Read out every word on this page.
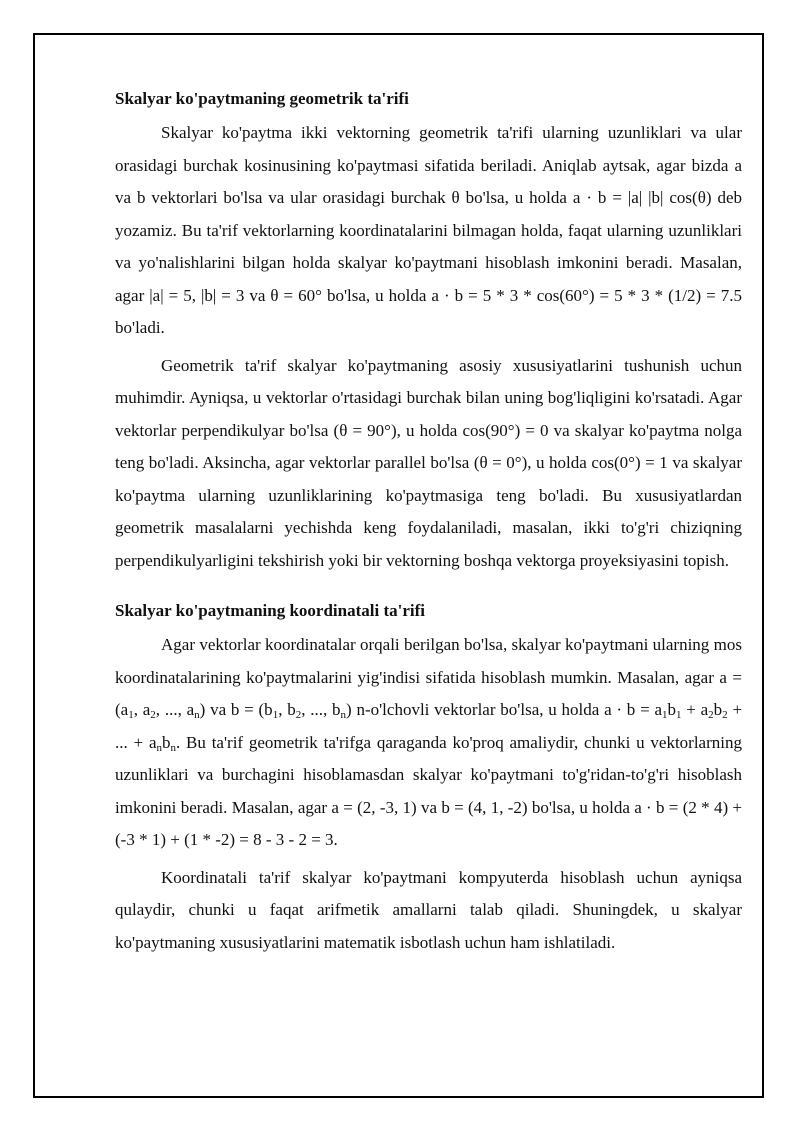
Skalyar ko'paytmaning geometrik ta'rifi

Skalyar ko'paytma ikki vektorning geometrik ta'rifi ularning uzunliklari va ular orasidagi burchak kosinusining ko'paytmasi sifatida beriladi. Aniqlab aytsak, agar bizda a va b vektorlari bo'lsa va ular orasidagi burchak θ bo'lsa, u holda a · b = |a| |b| cos(θ) deb yozamiz. Bu ta'rif vektorlarning koordinatalarini bilmagan holda, faqat ularning uzunliklari va yo'nalishlarini bilgan holda skalyar ko'paytmani hisoblash imkonini beradi. Masalan, agar |a| = 5, |b| = 3 va θ = 60° bo'lsa, u holda a · b = 5 * 3 * cos(60°) = 5 * 3 * (1/2) = 7.5 bo'ladi.

Geometrik ta'rif skalyar ko'paytmaning asosiy xususiyatlarini tushunish uchun muhimdir. Ayniqsa, u vektorlar o'rtasidagi burchak bilan uning bog'liqligini ko'rsatadi. Agar vektorlar perpendikulyar bo'lsa (θ = 90°), u holda cos(90°) = 0 va skalyar ko'paytma nolga teng bo'ladi. Aksincha, agar vektorlar parallel bo'lsa (θ = 0°), u holda cos(0°) = 1 va skalyar ko'paytma ularning uzunliklarining ko'paytmasiga teng bo'ladi. Bu xususiyatlardan geometrik masalalarni yechishda keng foydalaniladi, masalan, ikki to'g'ri chiziqning perpendikulyarligini tekshirish yoki bir vektorning boshqa vektorga proyeksiyasini topish.

Skalyar ko'paytmaning koordinatali ta'rifi

Agar vektorlar koordinatalar orqali berilgan bo'lsa, skalyar ko'paytmani ularning mos koordinatalarining ko'paytmalarini yig'indisi sifatida hisoblash mumkin. Masalan, agar $a = (a_1$, $a_2$, ..., $a_n$) va $b = (b_1$, $b_2$, ..., $b_n$) n-o'lchovli vektorlar bo'lsa, u holda $a \cdot b = a_1b_1 + a_2b_2$ + ... + $a_nb_n$. Bu ta'rif geometrik ta'rifga qaraganda ko'proq amaliydir, chunki u vektorlarning uzunliklari va burchagini hisoblamasdan skalyar ko'paytmani to'g'ridan-to'g'ri hisoblash imkonini beradi. Masalan, agar a = (2, -3, 1) va b = (4, 1, -2) bo'lsa, u holda a · b = (2 * 4) + (-3 * 1) + (1 * -2) = 8 - 3 - 2 = 3.

Koordinatali ta'rif skalyar ko'paytmani kompyuterda hisoblash uchun ayniqsa qulaydir, chunki u faqat arifmetik amallarni talab qiladi. Shuningdek, u skalyar ko'paytmaning xususiyatlarini matematik isbotlash uchun ham ishlatiladi.
